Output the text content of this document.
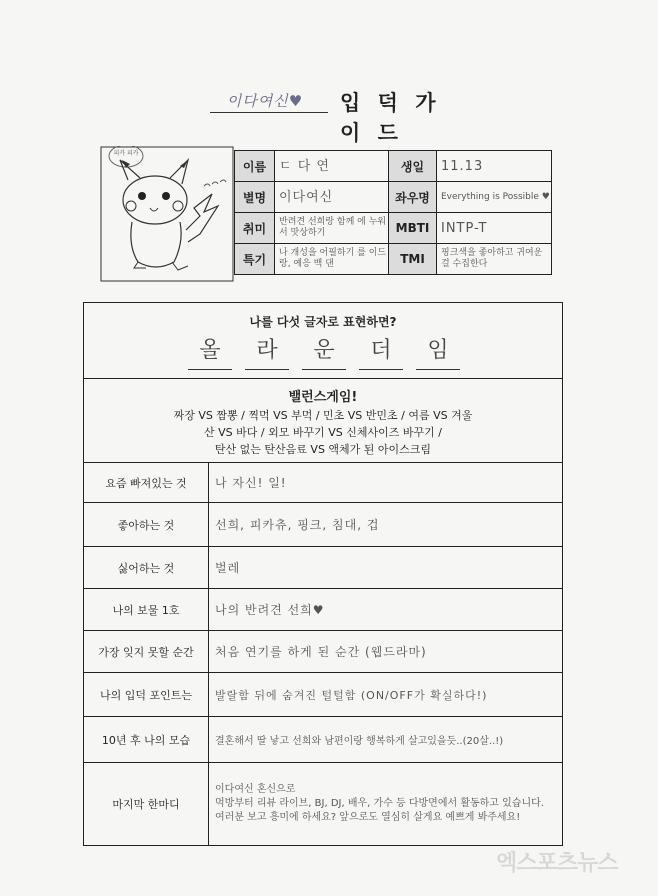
이다여신♥	입 덕 가 이 드
피카 피카
이름	ㄷ 다 연	생일	11.13
별명	이다여신	좌우명	Everything is Possible ♥
취미	반려견 선희랑 함께 에 누워서 맛상하기	MBTI	INTP-T
특기	나 개성을 어필하기 를 이드랑, 예응 백 댄	TMI	핑크색을 좋아하고 귀여운걸 수집한다
나를 다섯 글자로 표현하면?
올	라	운	더	임
밸런스게임!
짜장 VS 짬뽕 / 찍먹 VS 부먹 / 민초 VS 반민초 / 여름 VS 겨울
산 VS 바다 / 외모 바꾸기 VS 신체사이즈 바꾸기 /
탄산 없는 탄산음료 VS 액체가 된 아이스크림
요즘 빠져있는 것	나 자신! 일!
좋아하는 것	선희, 피카츄, 핑크, 침대, 겁
싫어하는 것	벌레
나의 보물 1호	나의 반려견 선희♥
가장 잊지 못할 순간	처음 연기를 하게 된 순간 (웹드라마)
나의 입덕 포인트는	발랄함 뒤에 숨겨진 털털함 (ON/OFF가 확실하다!)
10년 후 나의 모습	결혼해서 딸 낳고 선희와 남편이랑 행복하게 살고있을듯..(20살..!)
마지막 한마디
이다여신 혼신으로
먹방부터 리뷰 라이브, BJ, DJ, 배우, 가수 등 다방면에서 활동하고 있습니다.
여러분 보고 흥미에 하세요? 앞으로도 열심히 살게요 예쁘게 봐주세요!
엑스포츠뉴스
